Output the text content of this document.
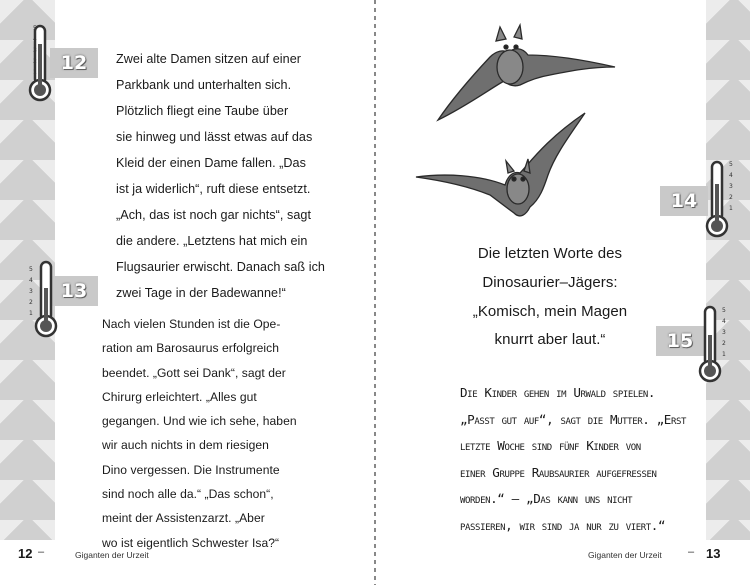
12
5
4
3
2
1
Zwei alte Damen sitzen auf einer
Parkbank und unterhalten sich.
Plötzlich fliegt eine Taube über
sie hinweg und lässt etwas auf das
Kleid der einen Dame fallen. „Das
ist ja widerlich“, ruft diese entsetzt.
„Ach, das ist noch gar nichts“, sagt
die andere. „Letztens hat mich ein
Flugsaurier erwischt. Danach saß ich
zwei Tage in der Badewanne!“
13
5
4
3
2
1
Nach vielen Stunden ist die Ope-
ration am Barosaurus erfolgreich
beendet. „Gott sei Dank“, sagt der
Chirurg erleichtert. „Alles gut
gegangen. Und wie ich sehe, haben
wir auch nichts in dem riesigen
Dino vergessen. Die Instrumente
sind noch alle da.“ „Das schon“,
meint der Assistenzarzt. „Aber
wo ist eigentlich Schwester Isa?“
14
5
4
3
2
1
Die letzten Worte des
Dinosaurier–Jägers:
„Komisch, mein Magen
knurrt aber laut.“	15
5
4
3
2
1
Die Kinder gehen im Urwald spielen.
„Passt gut auf“, sagt die Mutter. „Erst
letzte Woche sind fünf Kinder von
einer Gruppe Raubsaurier aufgefressen
worden.“ – „Das kann uns nicht
passieren, wir sind ja nur zu viert.“
12 –	Giganten der Urzeit	Giganten der Urzeit – 13
